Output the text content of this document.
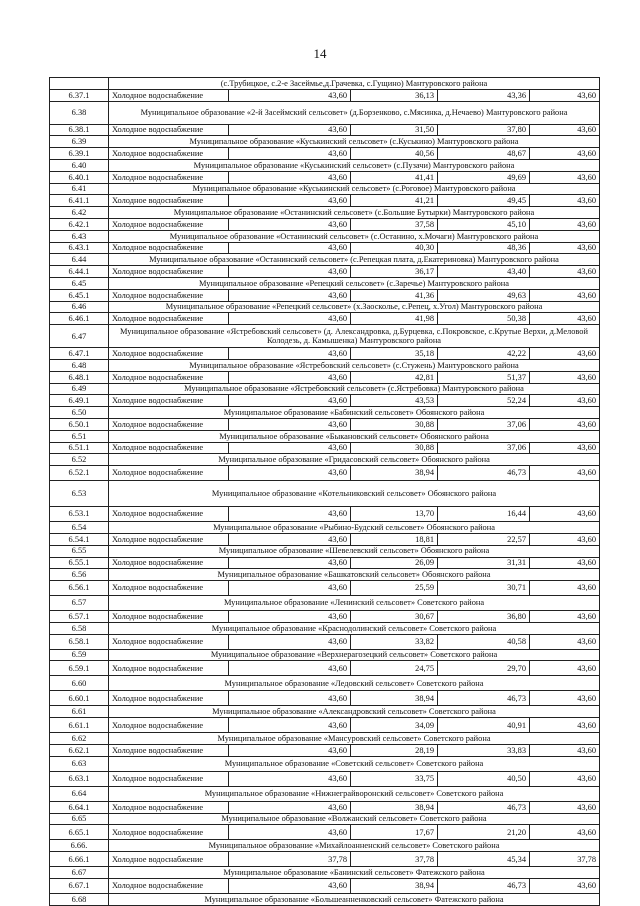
14
	(с.Трубицкое, с.2-е Засеймье,д.Грачевка, с.Гущино) Мантуровского района				
6.37.1	Холодное водоснабжение	43,60	36,13	43,36	43,60
6.38	Муниципальное образование «2-й Засеймский сельсовет» (д.Борзенково, с.Мясинка, д.Нечаево) Мантуровского района				
6.38.1	Холодное водоснабжение	43,60	31,50	37,80	43,60
6.39	Муниципальное образование «Куськинский сельсовет» (с.Куськино) Мантуровского района				
6.39.1	Холодное водоснабжение	43,60	40,56	48,67	43,60
6.40	Муниципальное образование «Куськинский сельсовет» (с.Пузачи) Мантуровского района				
6.40.1	Холодное водоснабжение	43,60	41,41	49,69	43,60
6.41	Муниципальное образование «Куськинский сельсовет» (с.Роговое) Мантуровского района				
6.41.1	Холодное водоснабжение	43,60	41,21	49,45	43,60
6.42	Муниципальное образование «Останинский сельсовет» (с.Большие Бутырки) Мантуровского района				
6.42.1	Холодное водоснабжение	43,60	37,58	45,10	43,60
6.43	Муниципальное образование «Останинский сельсовет» (с.Останино, х.Мочаги) Мантуровского района				
6.43.1	Холодное водоснабжение	43,60	40,30	48,36	43,60
6.44	Муниципальное образование «Останинский сельсовет» (с.Репецкая плата, д.Екатериновка) Мантуровского района				
6.44.1	Холодное водоснабжение	43,60	36,17	43,40	43,60
6.45	Муниципальное образование «Репецкий сельсовет» (с.Заречье) Мантуровского района				
6.45.1	Холодное водоснабжение	43,60	41,36	49,63	43,60
6.46	Муниципальное образование «Репецкий сельсовет» (х.Заосколье, с.Репец, х.Угол) Мантуровского района				
6.46.1	Холодное водоснабжение	43,60	41,98	50,38	43,60
6.47	Муниципальное образование «Ястребовский сельсовет» (д. Александровка, д.Бурцевка, с.Покровское, с.Крутые Верхи, д.Меловой Колодезь, д. Камышенка) Мантуровского района				
6.47.1	Холодное водоснабжение	43,60	35,18	42,22	43,60
6.48	Муниципальное образование «Ястребовский сельсовет» (с.Стужень) Мантуровского района				
6.48.1	Холодное водоснабжение	43,60	42,81	51,37	43,60
6.49	Муниципальное образование «Ястребовский сельсовет» (с.Ястребовка) Мантуровского района				
6.49.1	Холодное водоснабжение	43,60	43,53	52,24	43,60
6.50	Муниципальное образование «Бабинский сельсовет» Обоянского района				
6.50.1	Холодное водоснабжение	43,60	30,88	37,06	43,60
6.51	Муниципальное образование «Быкановский сельсовет» Обоянского района				
6.51.1	Холодное водоснабжение	43,60	30,88	37,06	43,60
6.52	Муниципальное образование «Гридасовский сельсовет» Обоянского района				
6.52.1	Холодное водоснабжение	43,60	38,94	46,73	43,60
6.53	Муниципальное образование «Котельниковский сельсовет» Обоянского района				
6.53.1	Холодное водоснабжение	43,60	13,70	16,44	43,60
6.54	Муниципальное образование «Рыбино-Будский сельсовет» Обоянского района				
6.54.1	Холодное водоснабжение	43,60	18,81	22,57	43,60
6.55	Муниципальное образование «Шевелевский сельсовет» Обоянского района				
6.55.1	Холодное водоснабжение	43,60	26,09	31,31	43,60
6.56	Муниципальное образование «Башкатовский сельсовет» Обоянского района				
6.56.1	Холодное водоснабжение	43,60	25,59	30,71	43,60
6.57	Муниципальное образование «Ленинский сельсовет» Советского района				
6.57.1	Холодное водоснабжение	43,60	30,67	36,80	43,60
6.58	Муниципальное образование «Краснодолинский сельсовет» Советского района				
6.58.1	Холодное водоснабжение	43,60	33,82	40,58	43,60
6.59	Муниципальное образование «Верхнерагозецкий сельсовет» Советского района				
6.59.1	Холодное водоснабжение	43,60	24,75	29,70	43,60
6.60	Муниципальное образование «Ледовский сельсовет» Советского района				
6.60.1	Холодное водоснабжение	43,60	38,94	46,73	43,60
6.61	Муниципальное образование «Александровский сельсовет» Советского района				
6.61.1	Холодное водоснабжение	43,60	34,09	40,91	43,60
6.62	Муниципальное образование «Мансуровский сельсовет» Советского района				
6.62.1	Холодное водоснабжение	43,60	28,19	33,83	43,60
6.63	Муниципальное образование «Советский сельсовет» Советского района				
6.63.1	Холодное водоснабжение	43,60	33,75	40,50	43,60
6.64	Муниципальное образование «Нижнеграйворонский сельсовет» Советского района				
6.64.1	Холодное водоснабжение	43,60	38,94	46,73	43,60
6.65	Муниципальное образование «Волжанский сельсовет» Советского района				
6.65.1	Холодное водоснабжение	43,60	17,67	21,20	43,60
6.66.	Муниципальное образование «Михайлоанненский сельсовет» Советского района				
6.66.1	Холодное водоснабжение	37,78	37,78	45,34	37,78
6.67	Муниципальное образование «Банинский сельсовет» Фатежского района				
6.67.1	Холодное водоснабжение	43,60	38,94	46,73	43,60
6.68	Муниципальное образование «Большеанненковский сельсовет» Фатежского района				
